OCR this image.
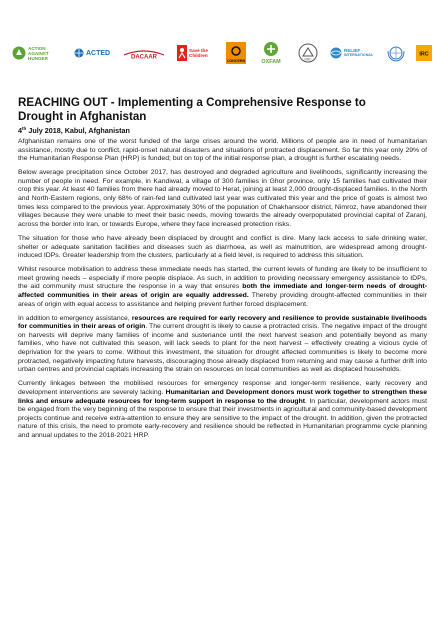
ACTION
AGAINST
HUNGER
ACTED
DACAAR
Save the
Children
CONCERN	OXFAM	NRC
RELIEF
INTERNATIONAL	IRC
REACHING OUT - Implementing a Comprehensive Response to
Drought in Afghanistan
4th July 2018, Kabul, Afghanistan

Afghanistan remains one of the worst funded of the large crises around the world. Millions of people are in need of humanitarian assistance, mostly due to conflict, rapid-onset natural disasters and situations of protracted displacement. So far this year only 29% of the Humanitarian Response Plan (HRP) is funded; but on top of the initial response plan, a drought is further escalating needs.

Below average precipitation since October 2017, has destroyed and degraded agriculture and livelihoods, significantly increasing the number of people in need. For example, in Kandiwal, a village of 300 families in Ghor province, only 15 families had cultivated their crop this year. At least 40 families from there had already moved to Herat, joining at least 2,000 drought-displaced families. In the North and North-Eastern regions, only 68% of rain-fed land cultivated last year was cultivated this year and the price of goats is almost two times less compared to the previous year. Approximately 30% of the population of Chakhansoor district, Nimroz, have abandoned their villages because they were unable to meet their basic needs, moving towards the already overpopulated provincial capital of Zaranj, across the border into Iran, or towards Europe, where they face increased protection risks.

The situation for those who have already been displaced by drought and conflict is dire. Many lack access to safe drinking water, shelter or adequate sanitation facilities and diseases such as diarrhoea, as well as malnutrition, are widespread among drought-induced IDPs. Greater leadership from the clusters, particularly at a field level, is required to address this situation.

Whilst resource mobilisation to address these immediate needs has started, the current levels of funding are likely to be insufficient to meet growing needs – especially if more people displace. As such, in addition to providing necessary emergency assistance to IDPs, the aid community must structure the response in a way that ensures both the immediate and longer-term needs of drought-affected communities in their areas of origin are equally addressed. Thereby providing drought-affected communities in their areas of origin with equal access to assistance and helping prevent further forced displacement.

In addition to emergency assistance, resources are required for early recovery and resilience to provide sustainable livelihoods for communities in their areas of origin. The current drought is likely to cause a protracted crisis. The negative impact of the drought on harvests will deprive many families of income and sustenance until the next harvest season and potentially beyond as many families, who have not cultivated this season, will lack seeds to plant for the next harvest – effectively creating a vicious cycle of deprivation for the years to come. Without this investment, the situation for drought affected communities is likely to become more protracted, negatively impacting future harvests, discouraging those already displaced from returning and may cause a further drift into urban centres and provincial capitals increasing the strain on resources on local communities as well as displaced households.

Currently linkages between the mobilised resources for emergency response and longer-term resilience, early recovery and development interventions are severely lacking. Humanitarian and Development donors must work together to strengthen these links and ensure adequate resources for long-term support in response to the drought. In particular, development actors must be engaged from the very beginning of the response to ensure that their investments in agricultural and community-based development projects continue and receive extra-attention to ensure they are sensitive to the impact of the drought. In addition, given the protracted nature of this crisis, the need to promote early-recovery and resilience should be reflected in Humanitarian programme cycle planning and annual updates to the 2018-2021 HRP.
